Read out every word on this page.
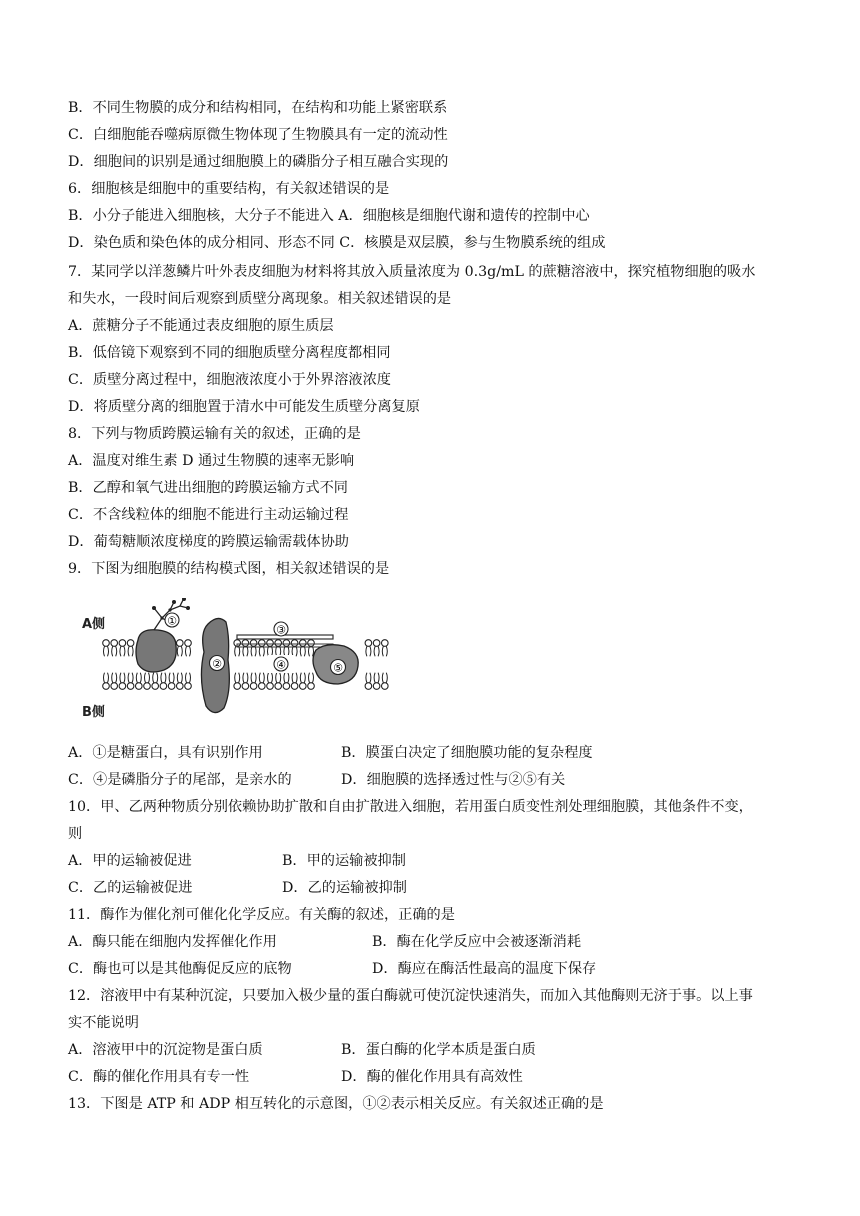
B．不同生物膜的成分和结构相同，在结构和功能上紧密联系
C．白细胞能吞噬病原微生物体现了生物膜具有一定的流动性
D．细胞间的识别是通过细胞膜上的磷脂分子相互融合实现的
6．细胞核是细胞中的重要结构，有关叙述错误的是
B．小分子能进入细胞核，大分子不能进入 A．细胞核是细胞代谢和遗传的控制中心
D．染色质和染色体的成分相同、形态不同 C．核膜是双层膜，参与生物膜系统的组成
7．某同学以洋葱鳞片叶外表皮细胞为材料将其放入质量浓度为 0.3g/mL 的蔗糖溶液中，探究植物细胞的吸水
和失水，一段时间后观察到质壁分离现象。相关叙述错误的是
A．蔗糖分子不能通过表皮细胞的原生质层
B．低倍镜下观察到不同的细胞质壁分离程度都相同
C．质壁分离过程中，细胞液浓度小于外界溶液浓度
D．将质壁分离的细胞置于清水中可能发生质壁分离复原
8．下列与物质跨膜运输有关的叙述，正确的是
A．温度对维生素 D 通过生物膜的速率无影响
B．乙醇和氧气进出细胞的跨膜运输方式不同
C．不含线粒体的细胞不能进行主动运输过程
D．葡萄糖顺浓度梯度的跨膜运输需载体协助
9．下图为细胞膜的结构模式图，相关叙述错误的是
A侧
B侧
①
②
③
④	⑤
A．①是糖蛋白，具有识别作用	B．膜蛋白决定了细胞膜功能的复杂程度
C．④是磷脂分子的尾部，是亲水的	D．细胞膜的选择透过性与②⑤有关
10．甲、乙两种物质分别依赖协助扩散和自由扩散进入细胞，若用蛋白质变性剂处理细胞膜，其他条件不变，
则
A．甲的运输被促进	B．甲的运输被抑制
C．乙的运输被促进	D．乙的运输被抑制
11．酶作为催化剂可催化化学反应。有关酶的叙述，正确的是
A．酶只能在细胞内发挥催化作用	B．酶在化学反应中会被逐渐消耗
C．酶也可以是其他酶促反应的底物	D．酶应在酶活性最高的温度下保存
12．溶液甲中有某种沉淀，只要加入极少量的蛋白酶就可使沉淀快速消失，而加入其他酶则无济于事。以上事
实不能说明
A．溶液甲中的沉淀物是蛋白质	B．蛋白酶的化学本质是蛋白质
C．酶的催化作用具有专一性	D．酶的催化作用具有高效性
13．下图是 ATP 和 ADP 相互转化的示意图，①②表示相关反应。有关叙述正确的是
